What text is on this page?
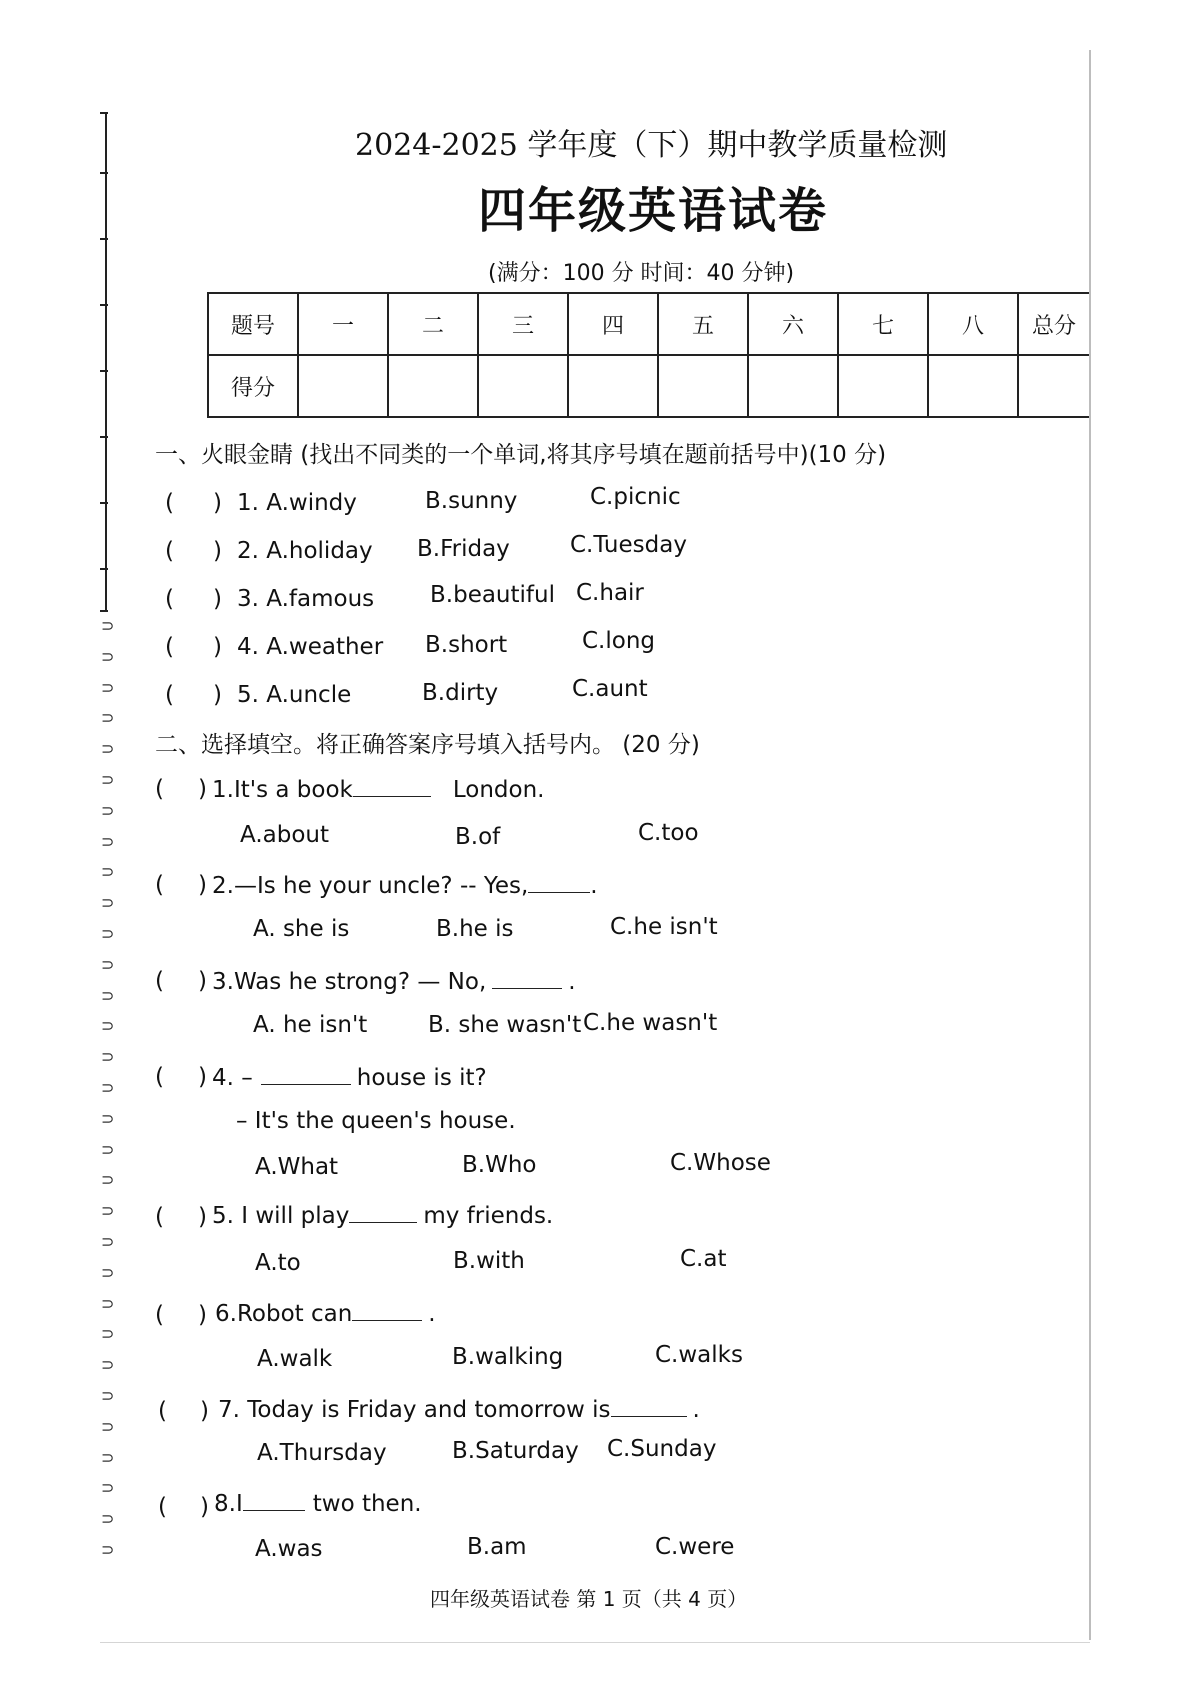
⊃
⊃
⊃
⊃
⊃
⊃
⊃
⊃
⊃
⊃
⊃
⊃
⊃
⊃
⊃
⊃
⊃
⊃
⊃
⊃
⊃
⊃
⊃
⊃
⊃
⊃
⊃
⊃
⊃
⊃
⊃
2024-2025 学年度（下）期中教学质量检测
四年级英语试卷
(满分：100 分 时间：40 分钟)
题号	一	二	三	四	五	六	七	八	总分
得分									
一、火眼金睛 (找出不同类的一个单词,将其序号填在题前括号中)(10 分)
( ) 1. A.windy	B.sunny	C.picnic
( ) 2. A.holiday B.Friday	C.Tuesday
( ) 3. A.famous B.beautiful C.hair
( ) 4. A.weather B.short	C.long
( ) 5. A.uncle	B.dirty	C.aunt
二、选择填空。将正确答案序号填入括号内。 (20 分)
( ) 1.It's a book	London.
A.about	B.of	C.too
( ) 2.—Is he your uncle? -- Yes,	.
A. she is	B.he is	C.he isn't
( ) 3.Was he strong? — No,	.
A. he isn't	B. she wasn't C.he wasn't
( ) 4. –	house is it?
– It's the queen's house.
A.What	B.Who	C.Whose
( ) 5. I will play	my friends.
A.to	B.with	C.at
( ) 6.Robot can	.
A.walk	B.walking	C.walks
( ) 7. Today is Friday and tomorrow is	.
A.Thursday	B.Saturday C.Sunday
( ) 8.I	two then.
A.was	B.am	C.were
四年级英语试卷 第 1 页（共 4 页）
